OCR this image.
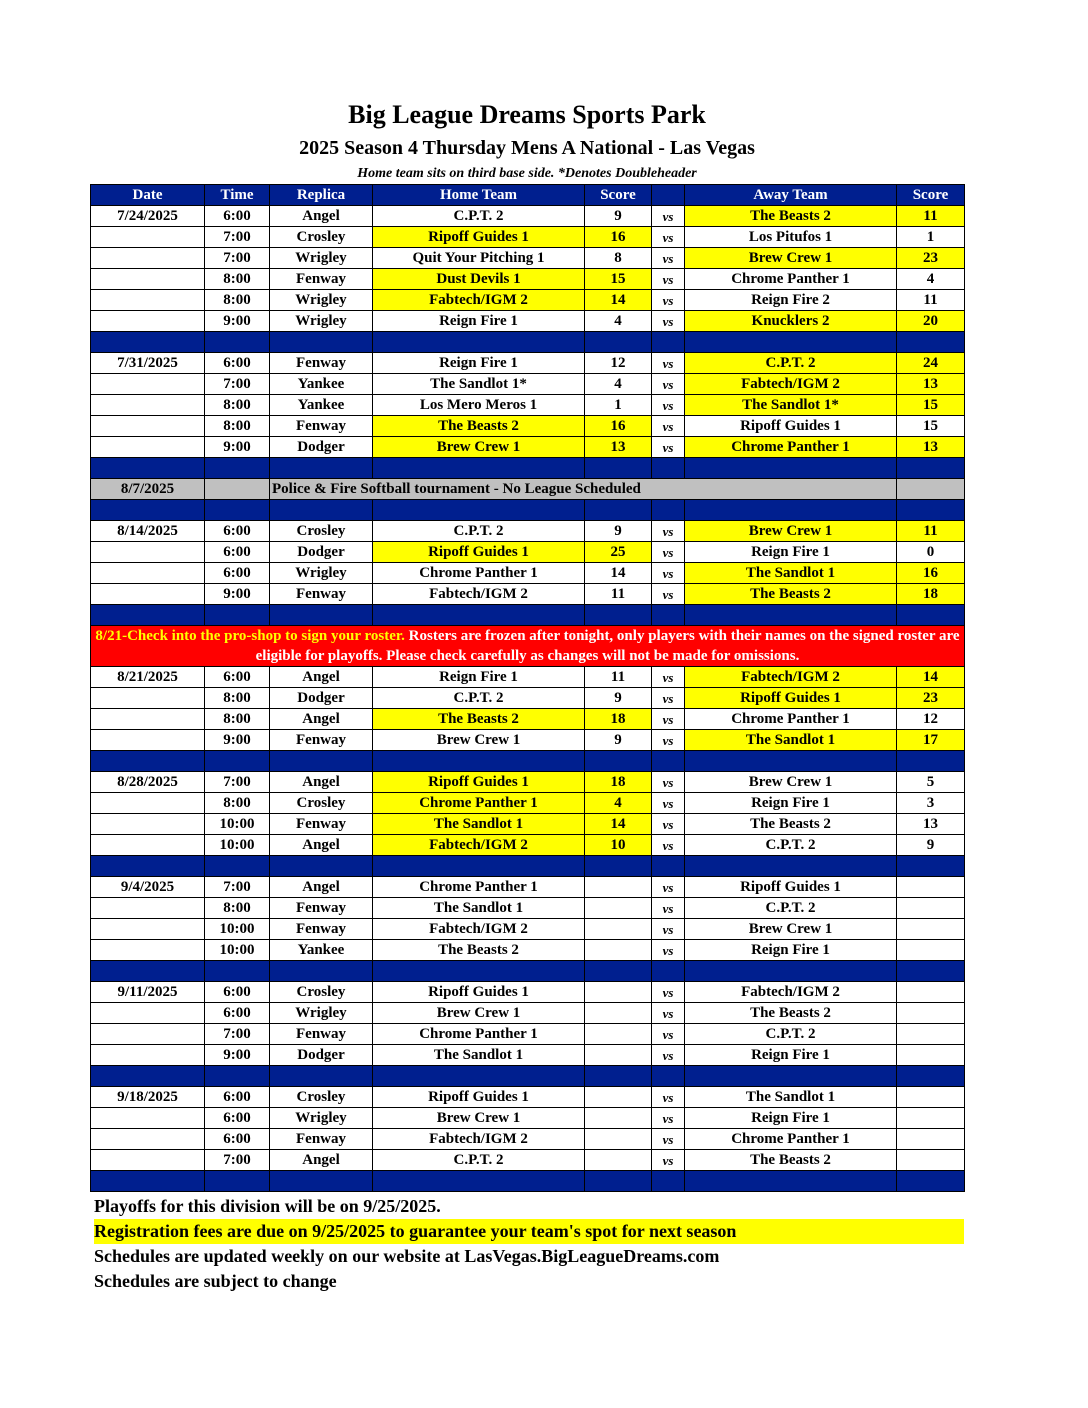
Big League Dreams Sports Park
2025 Season 4 Thursday Mens A National - Las Vegas
Home team sits on third base side. *Denotes Doubleheader
Date	Time	Replica	Home Team	Score		Away Team	Score
7/24/2025	6:00	Angel	C.P.T. 2	9	vs	The Beasts 2	11
	7:00	Crosley	Ripoff Guides 1	16	vs	Los Pitufos 1	1
	7:00	Wrigley	Quit Your Pitching 1	8	vs	Brew Crew 1	23
	8:00	Fenway	Dust Devils 1	15	vs	Chrome Panther 1	4
	8:00	Wrigley	Fabtech/IGM 2	14	vs	Reign Fire 2	11
	9:00	Wrigley	Reign Fire 1	4	vs	Knucklers 2	20

7/31/2025	6:00	Fenway	Reign Fire 1	12	vs	C.P.T. 2	24
	7:00	Yankee	The Sandlot 1*	4	vs	Fabtech/IGM 2	13
	8:00	Yankee	Los Mero Meros 1	1	vs	The Sandlot 1*	15
	8:00	Fenway	The Beasts 2	16	vs	Ripoff Guides 1	15
	9:00	Dodger	Brew Crew 1	13	vs	Chrome Panther 1	13

8/7/2025		Police & Fire Softball tournament - No League Scheduled					

8/14/2025	6:00	Crosley	C.P.T. 2	9	vs	Brew Crew 1	11
	6:00	Dodger	Ripoff Guides 1	25	vs	Reign Fire 1	0
	6:00	Wrigley	Chrome Panther 1	14	vs	The Sandlot 1	16
	9:00	Fenway	Fabtech/IGM 2	11	vs	The Beasts 2	18

8/21-Check into the pro-shop to sign your roster. Rosters are frozen after tonight, only players with their names on the signed roster are eligible for playoffs. Please check carefully as changes will not be made for omissions.							
8/21/2025	6:00	Angel	Reign Fire 1	11	vs	Fabtech/IGM 2	14
	8:00	Dodger	C.P.T. 2	9	vs	Ripoff Guides 1	23
	8:00	Angel	The Beasts 2	18	vs	Chrome Panther 1	12
	9:00	Fenway	Brew Crew 1	9	vs	The Sandlot 1	17

8/28/2025	7:00	Angel	Ripoff Guides 1	18	vs	Brew Crew 1	5
	8:00	Crosley	Chrome Panther 1	4	vs	Reign Fire 1	3
	10:00	Fenway	The Sandlot 1	14	vs	The Beasts 2	13
	10:00	Angel	Fabtech/IGM 2	10	vs	C.P.T. 2	9

9/4/2025	7:00	Angel	Chrome Panther 1		vs	Ripoff Guides 1	
	8:00	Fenway	The Sandlot 1		vs	C.P.T. 2	
	10:00	Fenway	Fabtech/IGM 2		vs	Brew Crew 1	
	10:00	Yankee	The Beasts 2		vs	Reign Fire 1	

9/11/2025	6:00	Crosley	Ripoff Guides 1		vs	Fabtech/IGM 2	
	6:00	Wrigley	Brew Crew 1		vs	The Beasts 2	
	7:00	Fenway	Chrome Panther 1		vs	C.P.T. 2	
	9:00	Dodger	The Sandlot 1		vs	Reign Fire 1	

9/18/2025	6:00	Crosley	Ripoff Guides 1		vs	The Sandlot 1	
	6:00	Wrigley	Brew Crew 1		vs	Reign Fire 1	
	6:00	Fenway	Fabtech/IGM 2		vs	Chrome Panther 1	
	7:00	Angel	C.P.T. 2		vs	The Beasts 2	

Playoffs for this division will be on 9/25/2025.
Registration fees are due on 9/25/2025 to guarantee your team's spot for next season
Schedules are updated weekly on our website at LasVegas.BigLeagueDreams.com
Schedules are subject to change
